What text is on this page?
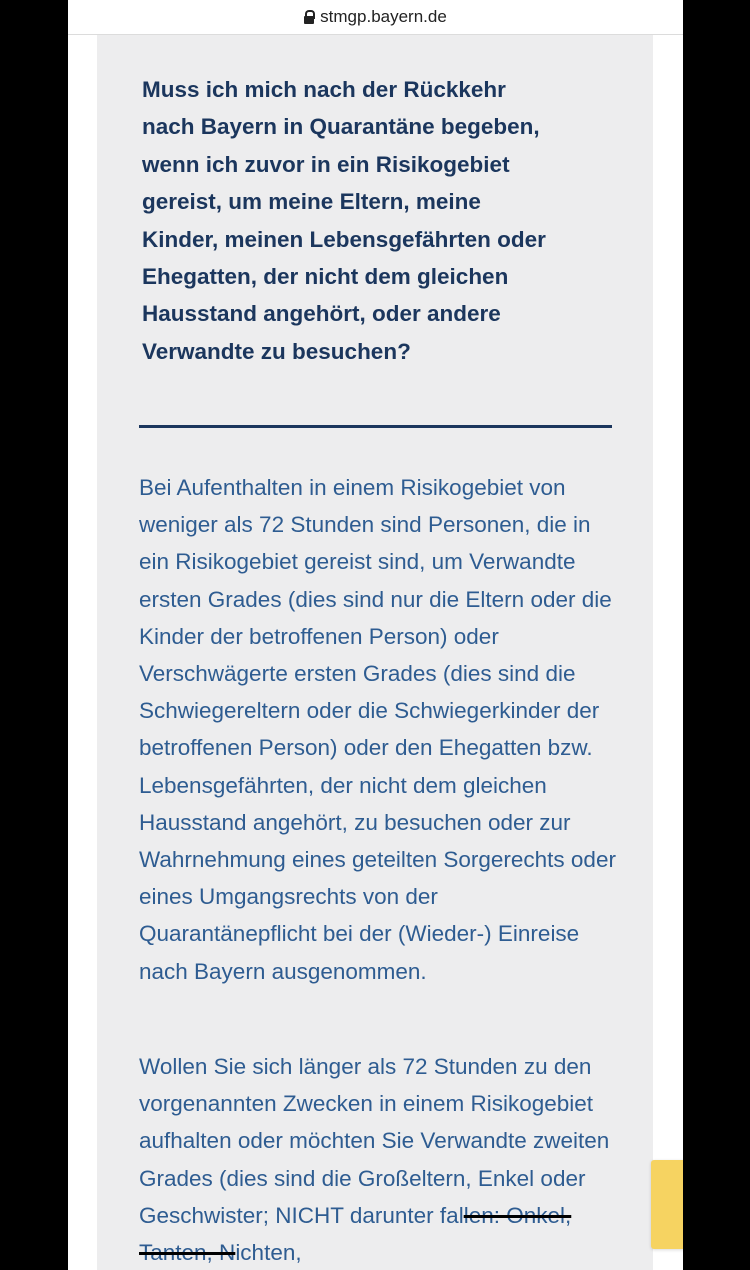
stmgp.bayern.de
Muss ich mich nach der Rückkehr nach Bayern in Quarantäne begeben, wenn ich zuvor in ein Risikogebiet gereist, um meine Eltern, meine Kinder, meinen Lebensgefährten oder Ehegatten, der nicht dem gleichen Hausstand angehört, oder andere Verwandte zu besuchen?

Bei Aufenthalten in einem Risikogebiet von weniger als 72 Stunden sind Personen, die in ein Risikogebiet gereist sind, um Verwandte ersten Grades (dies sind nur die Eltern oder die Kinder der betroffenen Person) oder Verschwägerte ersten Grades (dies sind die Schwiegereltern oder die Schwiegerkinder der betroffenen Person) oder den Ehegatten bzw. Lebensgefährten, der nicht dem gleichen Hausstand angehört, zu besuchen oder zur Wahrnehmung eines geteilten Sorgerechts oder eines Umgangsrechts von der Quarantänepflicht bei der (Wieder-) Einreise nach Bayern ausgenommen.

Wollen Sie sich länger als 72 Stunden zu den vorgenannten Zwecken in einem Risikogebiet aufhalten oder möchten Sie Verwandte zweiten Grades (dies sind die Großeltern, Enkel oder Geschwister; NICHT darunter fallen: Onkel, Tanten, Nichten,
